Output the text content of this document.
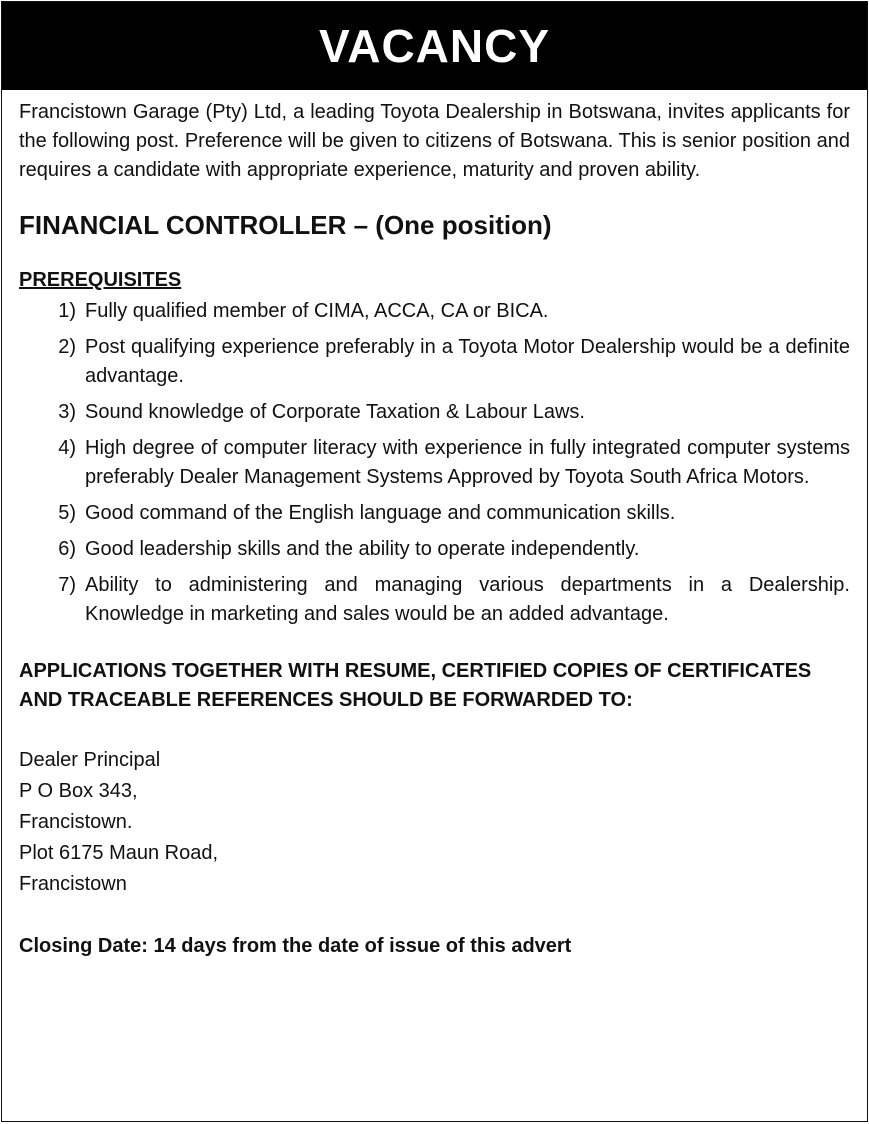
VACANCY

Francistown Garage (Pty) Ltd, a leading Toyota Dealership in Botswana, invites applicants for the following post. Preference will be given to citizens of Botswana. This is senior position and requires a candidate with appropriate experience, maturity and proven ability.

FINANCIAL CONTROLLER – (One position)
PREREQUISITES
1) Fully qualified member of CIMA, ACCA, CA or BICA.
2) Post qualifying experience preferably in a Toyota Motor Dealership would be a definite advantage.
3) Sound knowledge of Corporate Taxation & Labour Laws.
4) High degree of computer literacy with experience in fully integrated computer systems preferably Dealer Management Systems Approved by Toyota South Africa Motors.
5) Good command of the English language and communication skills.
6) Good leadership skills and the ability to operate independently.
7) Ability to administering and managing various departments in a Dealership. Knowledge in marketing and sales would be an added advantage.

APPLICATIONS TOGETHER WITH RESUME, CERTIFIED COPIES OF CERTIFICATES AND TRACEABLE REFERENCES SHOULD BE FORWARDED TO:

Dealer Principal
P O Box 343,
Francistown.
Plot 6175 Maun Road,
Francistown

Closing Date: 14 days from the date of issue of this advert
